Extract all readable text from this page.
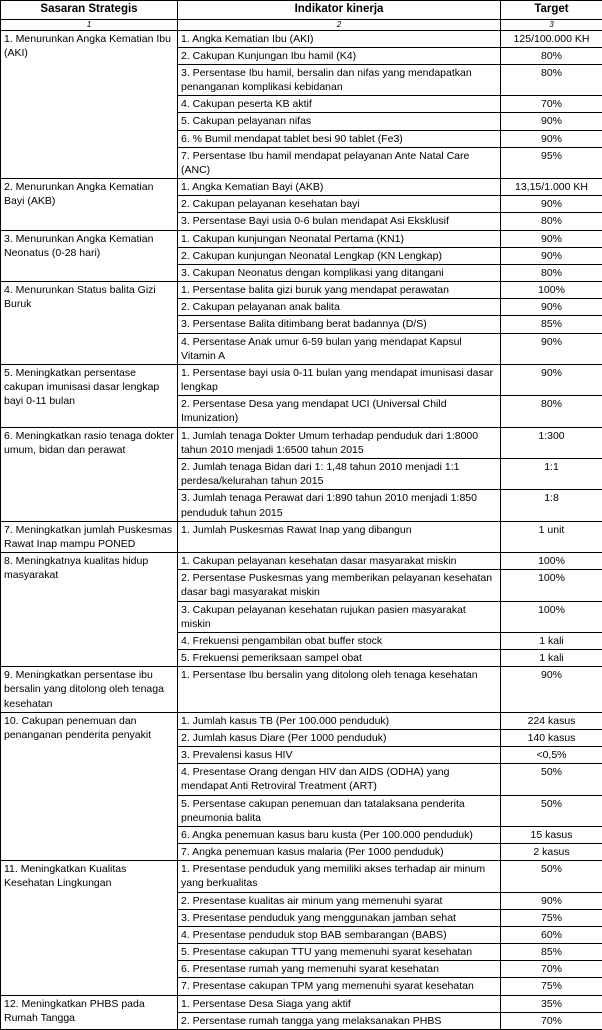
Sasaran Strategis	Indikator kinerja	Target
1	2	3
1. Menurunkan Angka Kematian Ibu (AKI)	1. Angka Kematian Ibu (AKI)	125/100.000 KH
	2. Cakupan Kunjungan Ibu hamil (K4)	80%
	3. Persentase Ibu hamil, bersalin dan nifas yang mendapatkan penanganan komplikasi kebidanan	80%
	4. Cakupan peserta KB aktif	70%
	5. Cakupan pelayanan nifas	90%
	6. % Bumil mendapat tablet besi 90 tablet (Fe3)	90%
	7. Persentase Ibu hamil mendapat pelayanan Ante Natal Care (ANC)	95%
2. Menurunkan Angka Kematian Bayi (AKB)	1. Angka Kematian Bayi (AKB)	13,15/1.000 KH
	2. Cakupan pelayanan kesehatan bayi	90%
	3. Persentase Bayi usia 0-6 bulan mendapat Asi Eksklusif	80%
3. Menurunkan Angka Kematian Neonatus (0-28 hari)	1. Cakupan kunjungan Neonatal Pertama (KN1)	90%
	2. Cakupan kunjungan Neonatal Lengkap (KN Lengkap)	90%
	3. Cakupan Neonatus dengan komplikasi yang ditangani	80%
4. Menurunkan Status balita Gizi Buruk	1. Persentase balita gizi buruk yang mendapat perawatan	100%
	2. Cakupan pelayanan anak balita	90%
	3. Persentase Balita ditimbang berat badannya (D/S)	85%
	4. Persentase Anak umur 6-59 bulan yang mendapat Kapsul Vitamin A	90%
5. Meningkatkan persentase cakupan imunisasi dasar lengkap bayi 0-11 bulan	1. Persentase bayi usia 0-11 bulan yang mendapat imunisasi dasar lengkap	90%
	2. Persentase Desa yang mendapat UCI (Universal Child Imunization)	80%
6. Meningkatkan rasio tenaga dokter umum, bidan dan perawat	1. Jumlah tenaga Dokter Umum terhadap penduduk dari 1:8000 tahun 2010 menjadi 1:6500 tahun 2015	1:300
	2. Jumlah tenaga Bidan dari 1: 1,48 tahun 2010 menjadi 1:1 perdesa/kelurahan tahun 2015	1:1
	3. Jumlah tenaga Perawat dari 1:890 tahun 2010 menjadi 1:850 penduduk tahun 2015	1:8
7. Meningkatkan jumlah Puskesmas Rawat Inap mampu PONED	1. Jumlah Puskesmas Rawat Inap yang dibangun	1 unit
8. Meningkatnya kualitas hidup masyarakat	1. Cakupan pelayanan kesehatan dasar masyarakat miskin	100%
	2. Persentase Puskesmas yang memberikan pelayanan kesehatan dasar bagi masyarakat miskin	100%
	3. Cakupan pelayanan kesehatan rujukan pasien masyarakat miskin	100%
	4. Frekuensi pengambilan obat buffer stock	1 kali
	5. Frekuensi pemeriksaan sampel obat	1 kali
9. Meningkatkan persentase ibu bersalin yang ditolong oleh tenaga kesehatan	1. Persentase Ibu bersalin yang ditolong oleh tenaga kesehatan	90%
10. Cakupan penemuan dan penanganan penderita penyakit	1. Jumlah kasus TB (Per 100.000 penduduk)	224 kasus
	2. Jumlah kasus Diare (Per 1000 penduduk)	140 kasus
	3. Prevalensi kasus HIV	<0,5%
	4. Presentase Orang dengan HIV dan AIDS (ODHA) yang mendapat Anti Retroviral Treatment (ART)	50%
	5. Persentase cakupan penemuan dan tatalaksana penderita pneumonia balita	50%
	6. Angka penemuan kasus baru kusta (Per 100.000 penduduk)	15 kasus
	7. Angka penemuan kasus malaria (Per 1000 penduduk)	2 kasus
11. Meningkatkan Kualitas Kesehatan Lingkungan	1. Presentase penduduk yang memiliki akses terhadap air minum yang berkualitas	50%
	2. Presentase kualitas air minum yang memenuhi syarat	90%
	3. Presentase penduduk yang menggunakan jamban sehat	75%
	4. Presentase penduduk stop BAB sembarangan (BABS)	60%
	5. Presentase cakupan TTU yang memenuhi syarat kesehatan	85%
	6. Presentase rumah yang memenuhi syarat kesehatan	70%
	7. Presentase cakupan TPM yang memenuhi syarat kesehatan	75%
12. Meningkatkan PHBS pada Rumah Tangga	1. Persentase Desa Siaga yang aktif	35%
	2. Persentase rumah tangga yang melaksanakan PHBS	70%
